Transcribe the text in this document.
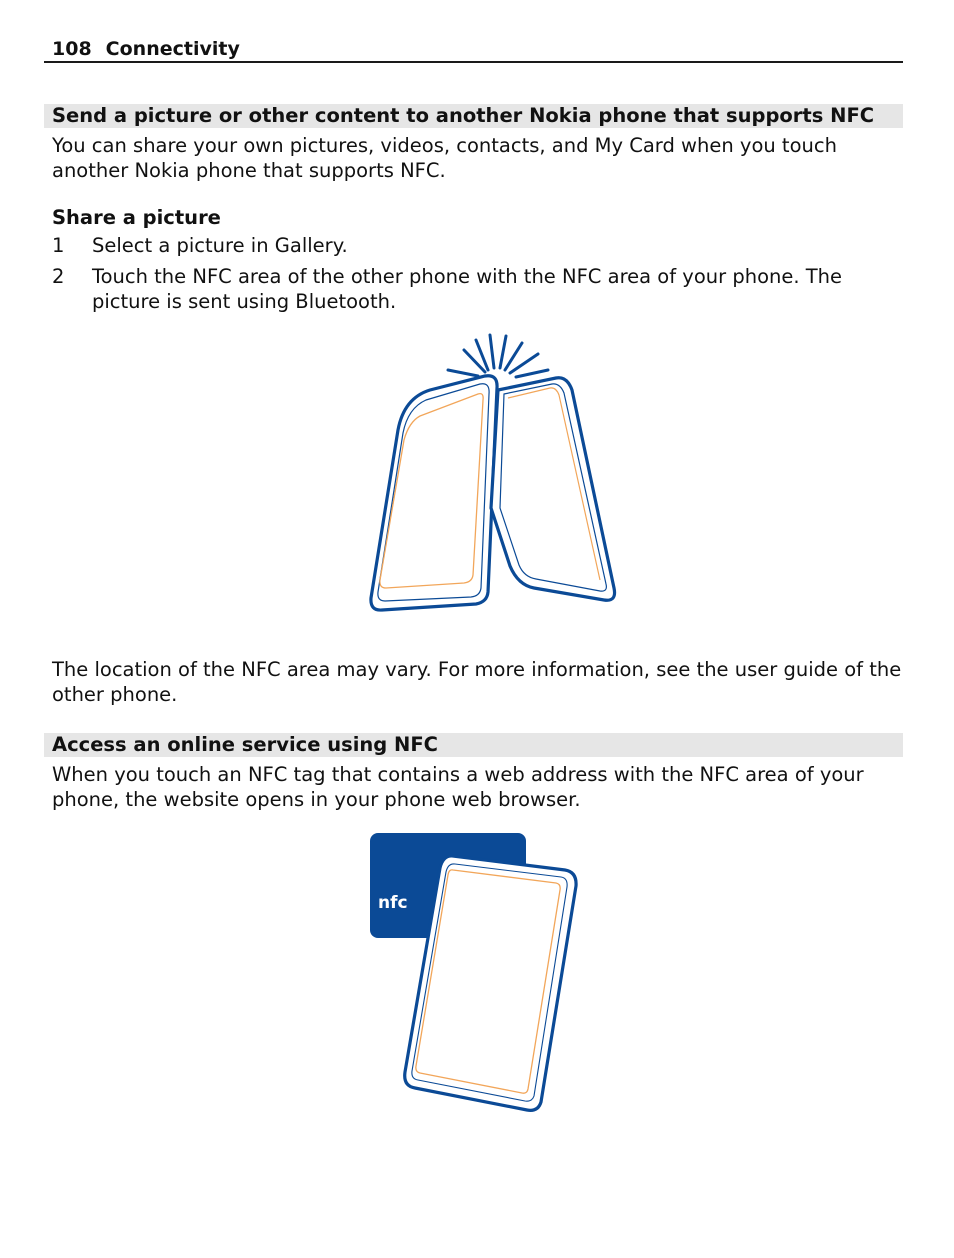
108 Connectivity
Send a picture or other content to another Nokia phone that supports NFC
You can share your own pictures, videos, contacts, and My Card when you touch another Nokia phone that supports NFC.
Share a picture
1 Select a picture in Gallery.
2 Touch the NFC area of the other phone with the NFC area of your phone. The picture is sent using Bluetooth.
The location of the NFC area may vary. For more information, see the user guide of the other phone.
Access an online service using NFC
When you touch an NFC tag that contains a web address with the NFC area of your phone, the website opens in your phone web browser.
nfc
